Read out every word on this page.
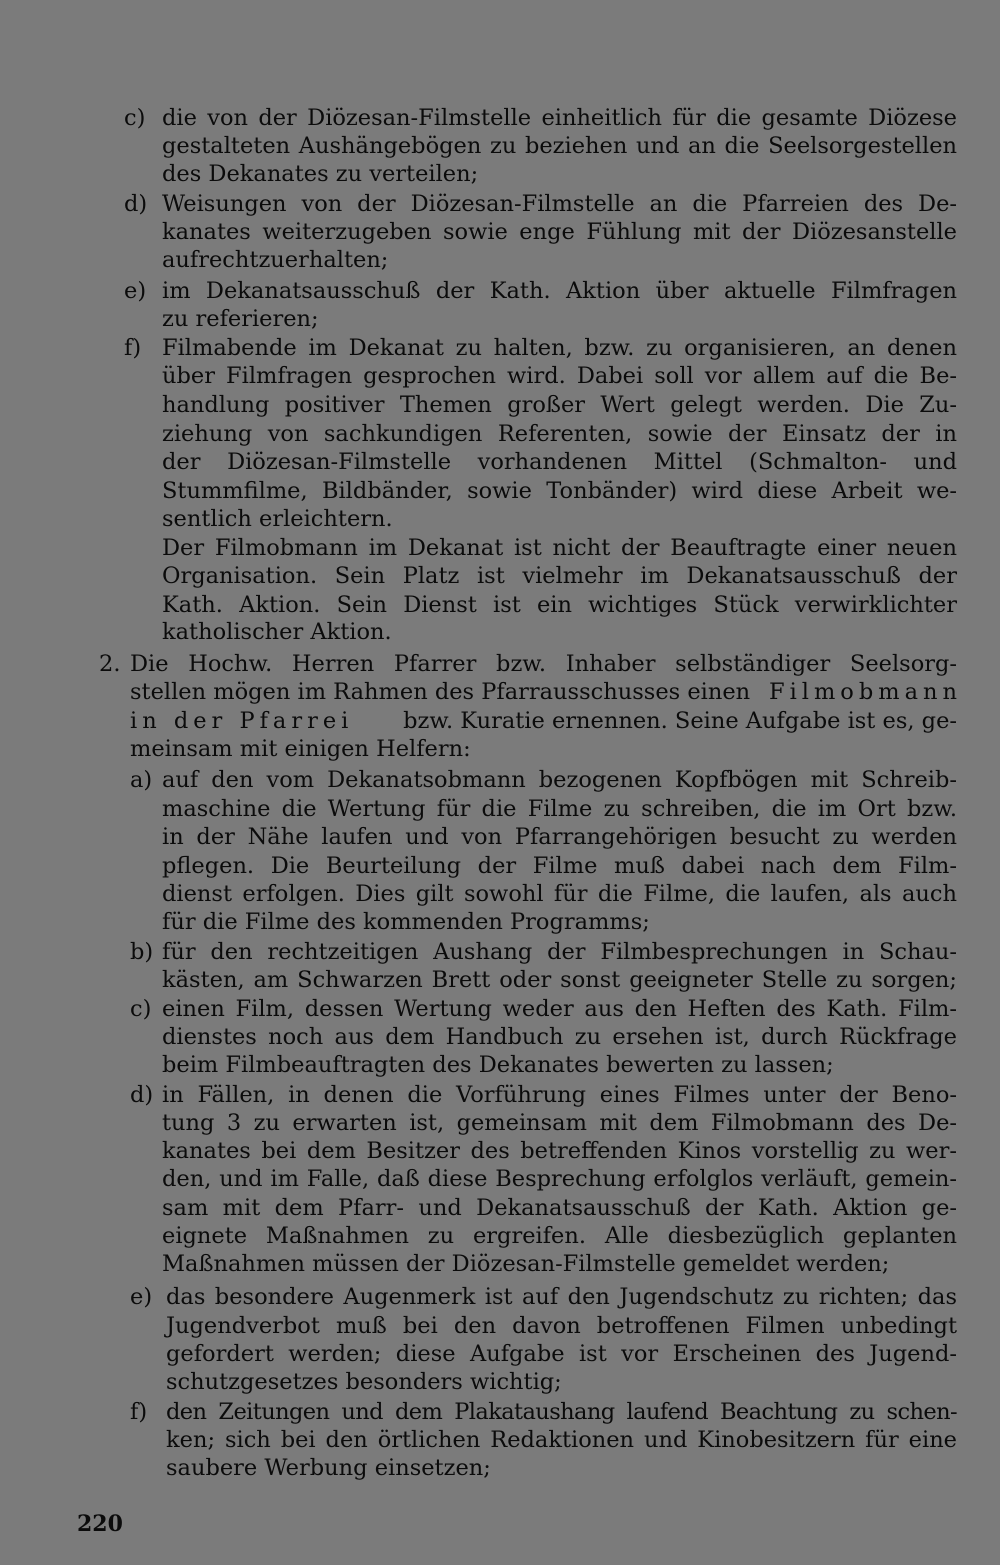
c) die von der Diözesan-Filmstelle einheitlich für die gesamte Diözese
gestalteten Aushängebögen zu beziehen und an die Seelsorgestellen
des Dekanates zu verteilen;
d) Weisungen von der Diözesan-Filmstelle an die Pfarreien des De-
kanates weiterzugeben sowie enge Fühlung mit der Diözesanstelle
aufrechtzuerhalten;
e) im Dekanatsausschuß der Kath. Aktion über aktuelle Filmfragen
zu referieren;
f) Filmabende im Dekanat zu halten, bzw. zu organisieren, an denen
über Filmfragen gesprochen wird. Dabei soll vor allem auf die Be-
handlung positiver Themen großer Wert gelegt werden. Die Zu-
ziehung von sachkundigen Referenten, sowie der Einsatz der in
der Diözesan-Filmstelle vorhandenen Mittel (Schmalton- und
Stummfilme, Bildbänder, sowie Tonbänder) wird diese Arbeit we-
sentlich erleichtern.
Der Filmobmann im Dekanat ist nicht der Beauftragte einer neuen
Organisation. Sein Platz ist vielmehr im Dekanatsausschuß der
Kath. Aktion. Sein Dienst ist ein wichtiges Stück verwirklichter
katholischer Aktion.
2. Die Hochw. Herren Pfarrer bzw. Inhaber selbständiger Seelsorg-
stellen mögen im Rahmen des Pfarrausschusses einen Filmobmann
in der Pfarrei bzw. Kuratie ernennen. Seine Aufgabe ist es, ge-
meinsam mit einigen Helfern:
a) auf den vom Dekanatsobmann bezogenen Kopfbögen mit Schreib-
maschine die Wertung für die Filme zu schreiben, die im Ort bzw.
in der Nähe laufen und von Pfarrangehörigen besucht zu werden
pflegen. Die Beurteilung der Filme muß dabei nach dem Film-
dienst erfolgen. Dies gilt sowohl für die Filme, die laufen, als auch
für die Filme des kommenden Programms;
b) für den rechtzeitigen Aushang der Filmbesprechungen in Schau-
kästen, am Schwarzen Brett oder sonst geeigneter Stelle zu sorgen;
c) einen Film, dessen Wertung weder aus den Heften des Kath. Film-
dienstes noch aus dem Handbuch zu ersehen ist, durch Rückfrage
beim Filmbeauftragten des Dekanates bewerten zu lassen;
d) in Fällen, in denen die Vorführung eines Filmes unter der Beno-
tung 3 zu erwarten ist, gemeinsam mit dem Filmobmann des De-
kanates bei dem Besitzer des betreffenden Kinos vorstellig zu wer-
den, und im Falle, daß diese Besprechung erfolglos verläuft, gemein-
sam mit dem Pfarr- und Dekanatsausschuß der Kath. Aktion ge-
eignete Maßnahmen zu ergreifen. Alle diesbezüglich geplanten
Maßnahmen müssen der Diözesan-Filmstelle gemeldet werden;
e) das besondere Augenmerk ist auf den Jugendschutz zu richten; das
Jugendverbot muß bei den davon betroffenen Filmen unbedingt
gefordert werden; diese Aufgabe ist vor Erscheinen des Jugend-
schutzgesetzes besonders wichtig;
f) den Zeitungen und dem Plakataushang laufend Beachtung zu schen-
ken; sich bei den örtlichen Redaktionen und Kinobesitzern für eine
saubere Werbung einsetzen;
220
